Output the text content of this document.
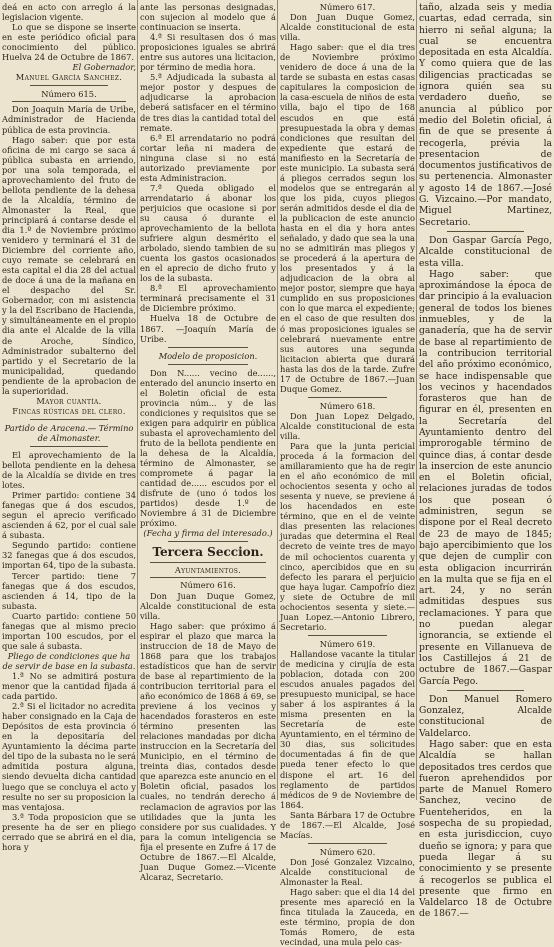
deá en acto con arreglo á la legislacion vigente.

Lo que se dispone se inserte en este periódico oficial para conocimiento del público. Huelva 24 de Octubre de 1867.

El Gobernador,

Manuel García Sanchez.

Número 615.

Don Joaquin María de Uribe, Administrador de Hacienda pública de esta provincia.

Hago saber: que por esta oficina de mi cargo se saca á pública subasta en arriendo, por una sola temporada, el aprovechamiento del fruto de bellota pendiente de la dehesa de la Alcaldía, término de Almonaster la Real, que principiará á contarse desde el dia 1.º de Noviembre próximo venidero y terminará el 31 de Diciembre del corriente año, cuyo remate se celebrará en esta capital el dia 28 del actual de doce á una de la mañana en el despacho del Sr. Gobernador, con mi asistencia y la del Escribano de Hacienda, y simultáneamente en el propio dia ante el Alcalde de la villa de Aroche, Síndico, Administrador subalterno del partido y el Secretario de la municipalidad, quedando pendiente de la aprobacion de la superioridad.

Mayor cuantía.

Fincas rústicas del clero.

Partido de Aracena.— Término de Almonaster.

El aprovechamiento de la bellota pendiente en la dehesa de la Alcaldía se divide en tres lotes.

Primer partido: contiene 34 fanegas que á dos escudos, segun el aprecio verificado ascienden á 62, por el cual sale á subasta.

Segundo partido: contiene 32 fanegas que á dos escudos, importan 64, tipo de la subasta.

Tercer partido: tiene 7 fanegas que á dos escudos, ascienden á 14, tipo de la subasta.

Cuarto partido: contiene 50 fanegas que al mismo precio importan 100 escudos, por el que sale á subasta.

Pliego de condiciones que ha de servir de base en la subasta.

1.ª No se admitirá postura menor que la cantidad fijada á cada partido.

2.ª Si el licitador no acredita haber consignado en la Caja de Depósitos de esta provincia ó en la depositaría del Ayuntamiento la décima parte del tipo de la subasta no le será admitida postura alguna, siendo devuelta dicha cantidad luego que se concluya el acto y resulte no ser su proposicion la mas ventajosa.

3.ª Toda proposicion que se presente ha de ser en pliego cerrado que se abrirá en el dia, hora y

ante las personas designadas, con sujecion al modelo que á continuacion se inserta.

4.ª Si resultasen dos ó mas proposiciones iguales se abrirá entre sus autores una licitacion, por término de media hora.

5.ª Adjudicada la subasta al mejor postor y despues de adjudicarse la aprobacion deberá satisfacer en el término de tres dias la cantidad total del remate.

6.ª El arrendatario no podrá cortar leña ni madera de ninguna clase si no está autorizado previamente por esta Administracion.

7.ª Queda obligado el arrendatario á abonar los perjuicios que ocasione si por su causa ó durante el aprovechamiento de la bellota sufriere algun desmérito el arbolado, siendo tambien de su cuenta los gastos ocasionados en el aprecio de dicho fruto y los de la subasta.

8.ª El aprovechamiento terminará precisamente el 31 de Diciembre próximo.

Huelva 18 de Octubre de 1867. —Joaquín María de Uribe.

Modelo de proposicion.

Don N...... vecino de......, enterado del anuncio inserto en el Boletin oficial de esta provincia núm... y de las condiciones y requisitos que se exigen para adquirir en pública subasta el aprovechamiento del fruto de la bellota pendiente en la dehesa de la Alcaldía, término de Almonaster, se compromete á pagar la cantidad de...... escudos por el disfrute de (uno ó todos los partidos) desde 1.º de Noviembre á 31 de Diciembre próximo.

(Fecha y firma del interesado.)

Tercera Seccion.

Ayuntamientos.

Número 616.

Don Juan Duque Gomez, Alcalde constitucional de esta villa.

Hago saber: que próximo á espirar el plazo que marca la instruccion de 18 de Mayo de 1868 para que los trabajos estadísticos que han de servir de base al repartimiento de la contribucion territorial para el año económico de 1868 á 69, se previene á los vecinos y hacendados forasteros en este término presenten las relaciones mandadas por dicha instruccion en la Secretaría del Municipio, en el término de treinta dias, contados desde que aparezca este anuncio en el Boletin oficial, pasados los cuales, no tendrán derecho á reclamacion de agravios por las utilidades que la junta les considere por sus cualidades. Y para la comun inteligencia se fija el presente en Zufre á 17 de Octubre de 1867.—El Alcalde, Juan Duque Gomez.—Vicente Alcaraz, Secretario.

Número 617.

Don Juan Duque Gomez, Alcalde constitucional de esta villa.

Hago saber: que el dia tres de Noviembre próximo venidero de doce á una de la tarde se subasta en estas casas capitulares la composicion de la casa-escuela de niños de esta villa, bajo el tipo de 168 escudos en que está presupuestada la obra y demas condiciones que resultan del expediente que estará de manifiesto en la Secretaría de este municipio. La subasta será á pliegos cerrados segun los modelos que se entregarán al que los pida, cuyos pliegos serán admitidos desde el dia de la publicacion de este anuncio hasta en el dia y hora antes señalado, y dado que sea la una no se admitirán mas pliegos y se procederá á la apertura de los presentados y á la adjudicacion de la obra al mejor postor, siempre que haya cumplido en sus proposiciones con lo que marca el expediente; en el caso de que resulten dos ó mas proposiciones iguales se celebrará nuevamente entre sus autores una segunda licitacion abierta que durará hasta las dos de la tarde. Zufre 17 de Octubre de 1867.—Juan Duque Gomez.

Número 618.

Don Juan Lopez Delgado, Alcalde constitucional de esta villa.

Para que la junta pericial proceda á la formacion del amillaramiento que ha de regir en el año económico de mil ochocientos sesenta y ocho al sesenta y nueve, se previene á los hacendados en este término, que en el de veinte dias presenten las relaciones juradas que determina el Real decreto de veinte tres de mayo de mil ochocientos cuarenta y cinco, apercibidos que en su defecto les parara el perjuicio que haya lugar. Campofrío diez y siete de Octubre de mil ochocientos sesenta y siete.—Juan Lopez.—Antonio Librero, Secretario.

Número 619.

Hallandose vacante la titular de medicina y cirujía de esta poblacion, dotada con 200 escudos anuales pagados del presupuesto municipal, se hace saber á los aspirantes á la misma presenten en la Secretaría de este Ayuntamiento, en el término de 30 dias, sus solicitudes documentadas á fin de que pueda tener efecto lo que dispone el art. 16 del reglamento de partidos médicos de 9 de Noviembre de 1864.

Santa Bárbara 17 de Octubre de 1867.—El Alcalde, José Macías.

Número 620.

Don José Gonzalez Vizcaino, Alcalde constitucional de Almonaster la Real.

Hago saber: que el dia 14 del presente mes apareció en la finca titulada la Zauceda, en este término, propia de don Tomás Romero, de esta vecindad, una mula pelo cas-

taño, alzada seis y media cuartas, edad cerrada, sin hierro ni señal alguna; la cual se encuentra depositada en esta Alcaldía. Y como quiera que de las diligencias practicadas se ignora quién sea su verdadero dueño, se anuncia al público por medio del Boletin oficial, á fin de que se presente á recogerla, prévia la presentacion de documentos justificativos de su pertenencia. Almonaster y agosto 14 de 1867.—José G. Vizcaino.—Por mandato, Miguel Martinez, Secretario.

Don Gaspar García Pego, Alcalde constitucional de esta villa.

Hago saber: que aproximándose la época de dar principio á la evaluacion general de todos los bienes inmuebles, y de la ganadería, que ha de servir de base al repartimiento de la contribucion territorial del año próximo económico, se hace indispensable que los vecinos y hacendados forasteros que han de figurar en él, presenten en la Secretaría del Ayuntamiento dentro del improrogable término de quince dias, á contar desde la insercion de este anuncio en el Boletin oficial, relaciones juradas de todos los que posean ó administren, segun se dispone por el Real decreto de 23 de mayo de 1845; bajo apercibimiento que los que dejen de cumplir con esta obligacion incurrirán en la multa que se fija en el art. 24, y no serán admitidas despues sus reclamaciones. Y para que no puedan alegar ignorancia, se extiende el presente en Villanueva de los Castillejos á 21 de octubre de 1867.—Gaspar García Pego.

Don Manuel Romero Gonzalez, Alcalde constitucional de Valdelarco.

Hago saber: que en esta Alcaldía se hallan depositados tres cerdos que fueron aprehendidos por parte de Manuel Romero Sanchez, vecino de Fuenteheridos, en la sospecha de su propiedad, en esta jurisdiccion, cuyo dueño se ignora; y para que pueda llegar á su conocimiento y se presente á recogerlos se publica el presente que firmo en Valdelarco 18 de Octubre de 1867.—
